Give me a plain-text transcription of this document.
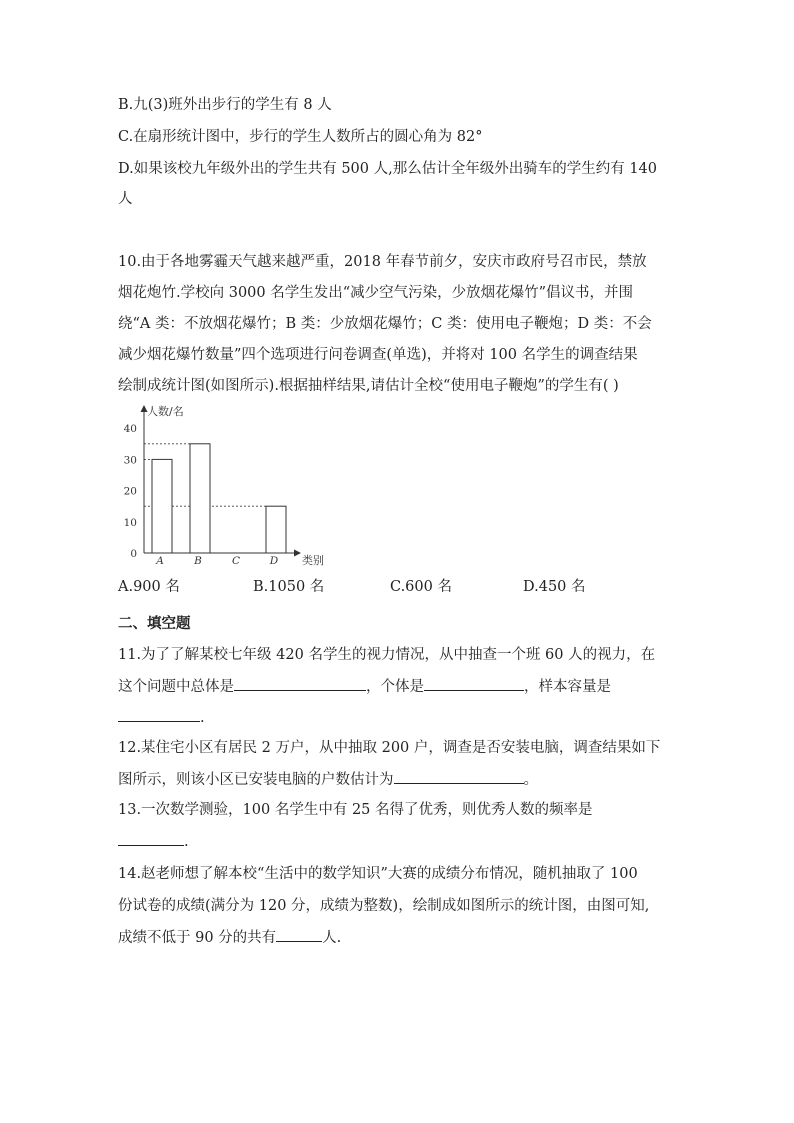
B.九(3)班外出步行的学生有 8 人
C.在扇形统计图中，步行的学生人数所占的圆心角为 82°
D.如果该校九年级外出的学生共有 500 人,那么估计全年级外出骑车的学生约有 140
人
10.由于各地雾霾天气越来越严重，2018 年春节前夕，安庆市政府号召市民，禁放
烟花炮竹.学校向 3000 名学生发出“减少空气污染，少放烟花爆竹”倡议书，并围
绕“A 类：不放烟花爆竹；B 类：少放烟花爆竹；C 类：使用电子鞭炮；D 类：不会
减少烟花爆竹数量”四个选项进行问卷调查(单选)，并将对 100 名学生的调查结果
绘制成统计图(如图所示).根据抽样结果,请估计全校“使用电子鞭炮”的学生有( )
0
10
20
30
40
A	B	C	D
人数/名
类别
A.900 名	B.1050 名	C.600 名	D.450 名
二、填空题
11.为了了解某校七年级 420 名学生的视力情况，从中抽查一个班 60 人的视力，在
这个问题中总体是	，个体是	，样本容量是
.
12.某住宅小区有居民 2 万户，从中抽取 200 户，调查是否安装电脑，调查结果如下
图所示，则该小区已安装电脑的户数估计为	。
13.一次数学测验，100 名学生中有 25 名得了优秀，则优秀人数的频率是
.
14.赵老师想了解本校“生活中的数学知识”大赛的成绩分布情况，随机抽取了 100
份试卷的成绩(满分为 120 分，成绩为整数)，绘制成如图所示的统计图，由图可知,
成绩不低于 90 分的共有	人.
